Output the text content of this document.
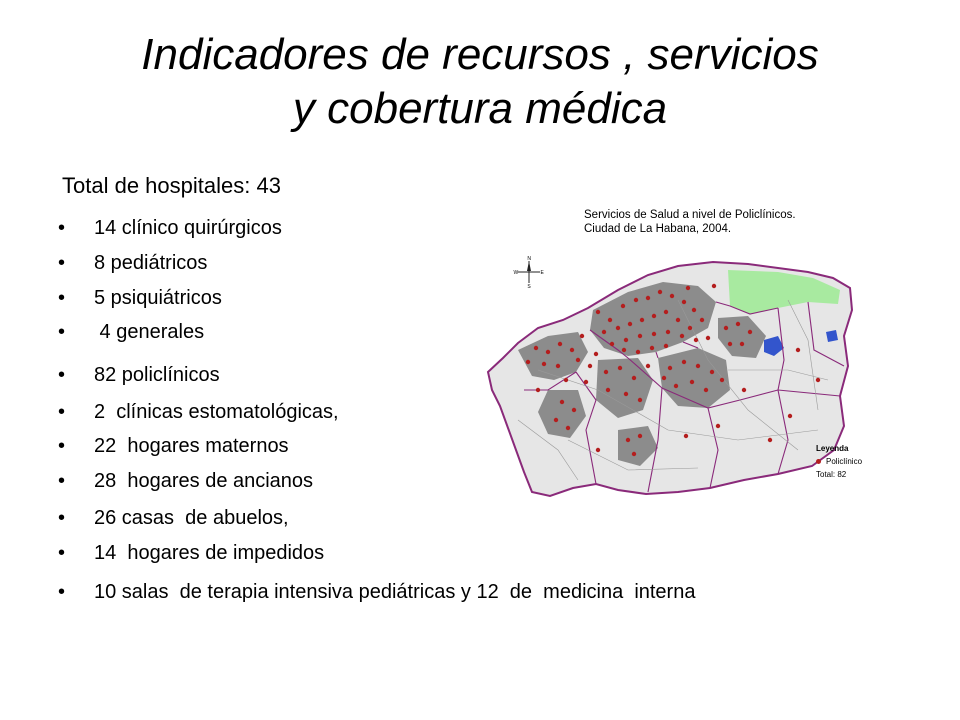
Indicadores de recursos , servicios
y cobertura médica
Total de hospitales: 43
• 14 clínico quirúrgicos
• 8 pediátricos
• 5 psiquiátricos
• 4 generales
• 82 policlínicos
• 2  clínicas estomatológicas,
• 22  hogares maternos
• 28  hogares de ancianos
• 26 casas  de abuelos,
• 14  hogares de impedidos
• 10 salas  de terapia intensiva pediátricas y 12  de  medicina  interna
Servicios de Salud a nivel de Policlínicos.
Ciudad de La Habana, 2004.
N
S
E
W
Leyenda
Policlínico
Total: 82
